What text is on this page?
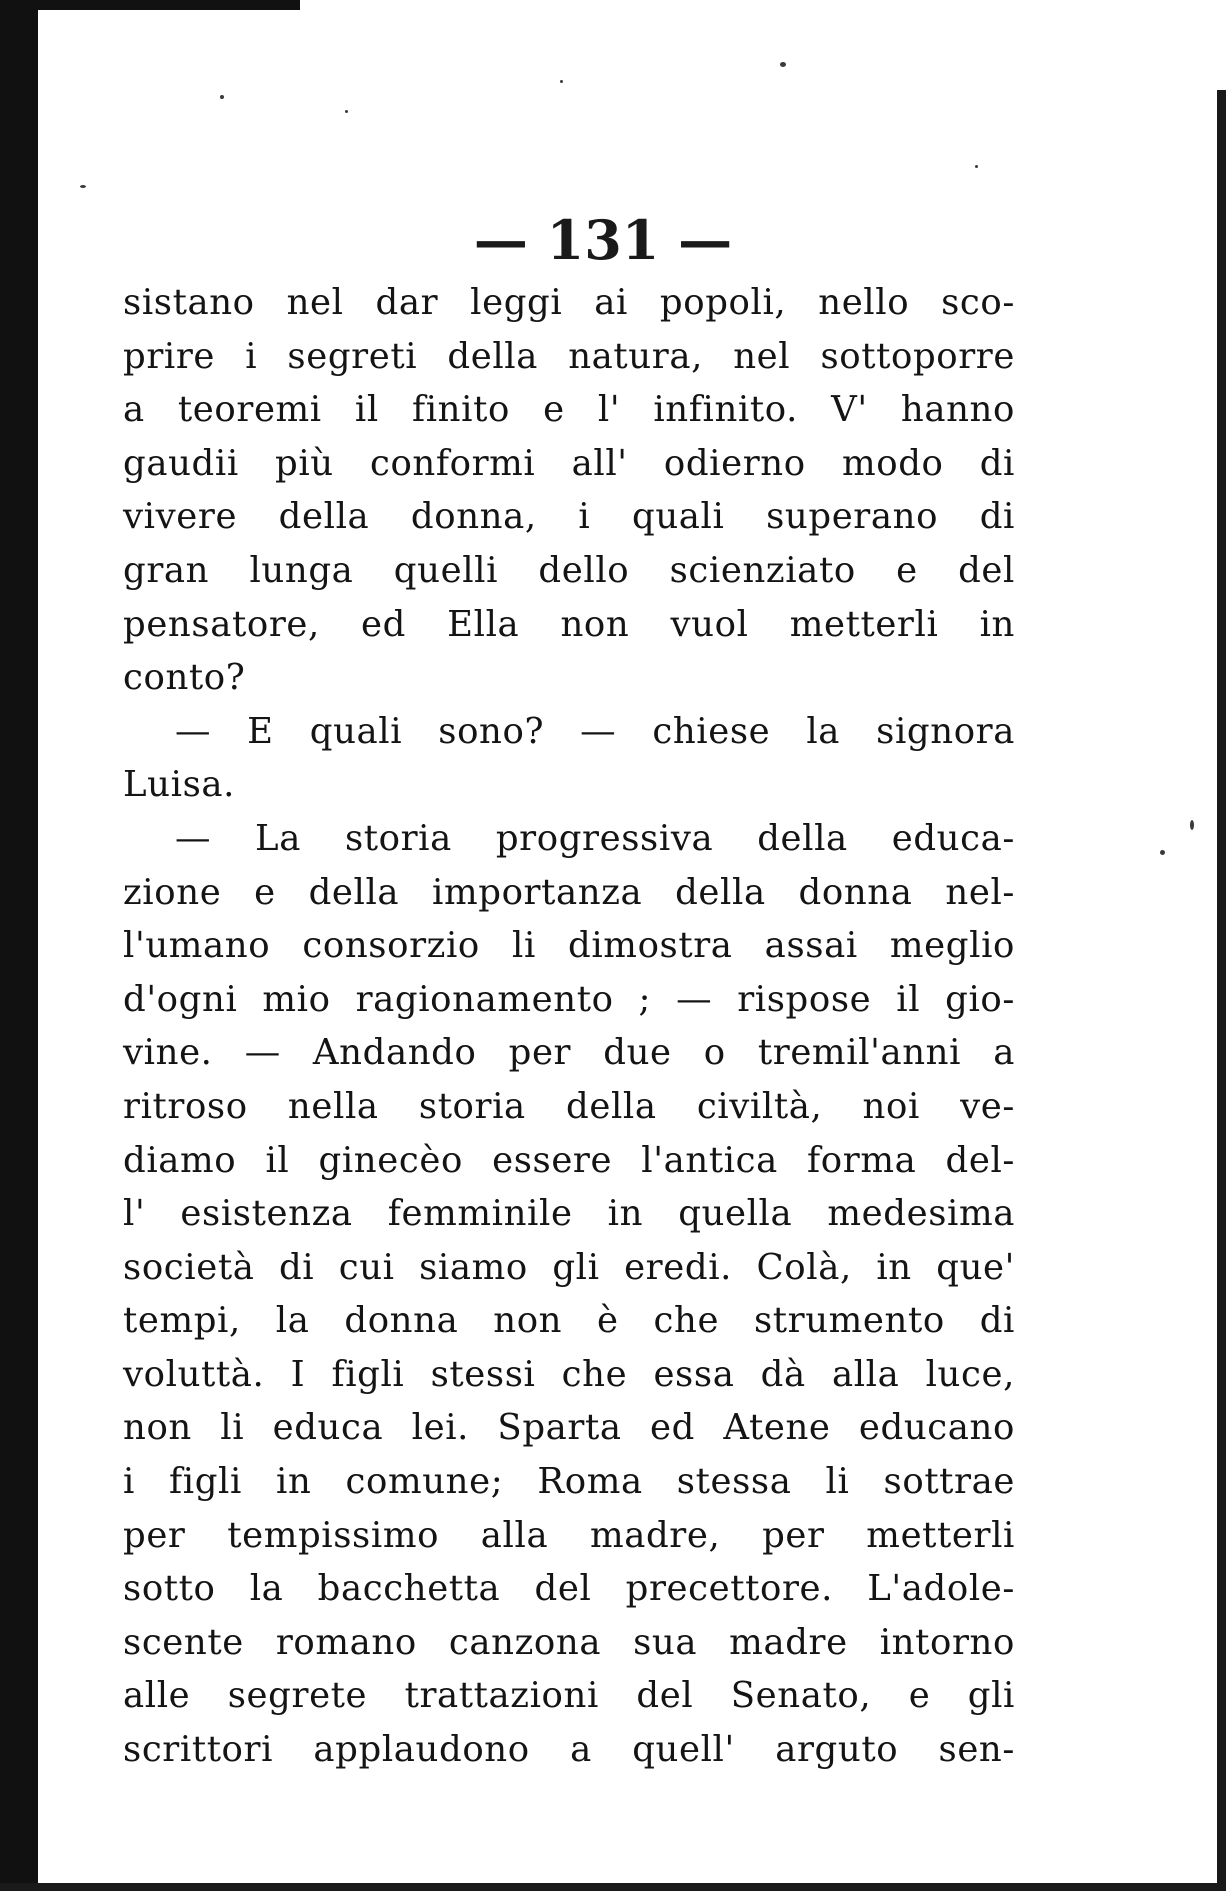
— 131 —
sistano nel dar leggi ai popoli, nello sco-
prire i segreti della natura, nel sottoporre
a teoremi il finito e l' infinito. V' hanno
gaudii più conformi all' odierno modo di
vivere della donna, i quali superano di
gran lunga quelli dello scienziato e del
pensatore, ed Ella non vuol metterli in
conto?
— E quali sono? — chiese la signora
Luisa.
— La storia progressiva della educa-
zione e della importanza della donna nel-
l'umano consorzio li dimostra assai meglio
d'ogni mio ragionamento ; — rispose il gio-
vine. — Andando per due o tremil'anni a
ritroso nella storia della civiltà, noi ve-
diamo il ginecèo essere l'antica forma del-
l' esistenza femminile in quella medesima
società di cui siamo gli eredi. Colà, in que'
tempi, la donna non è che strumento di
voluttà. I figli stessi che essa dà alla luce,
non li educa lei. Sparta ed Atene educano
i figli in comune; Roma stessa li sottrae
per tempissimo alla madre, per metterli
sotto la bacchetta del precettore. L'adole-
scente romano canzona sua madre intorno
alle segrete trattazioni del Senato, e gli
scrittori applaudono a quell' arguto sen-
